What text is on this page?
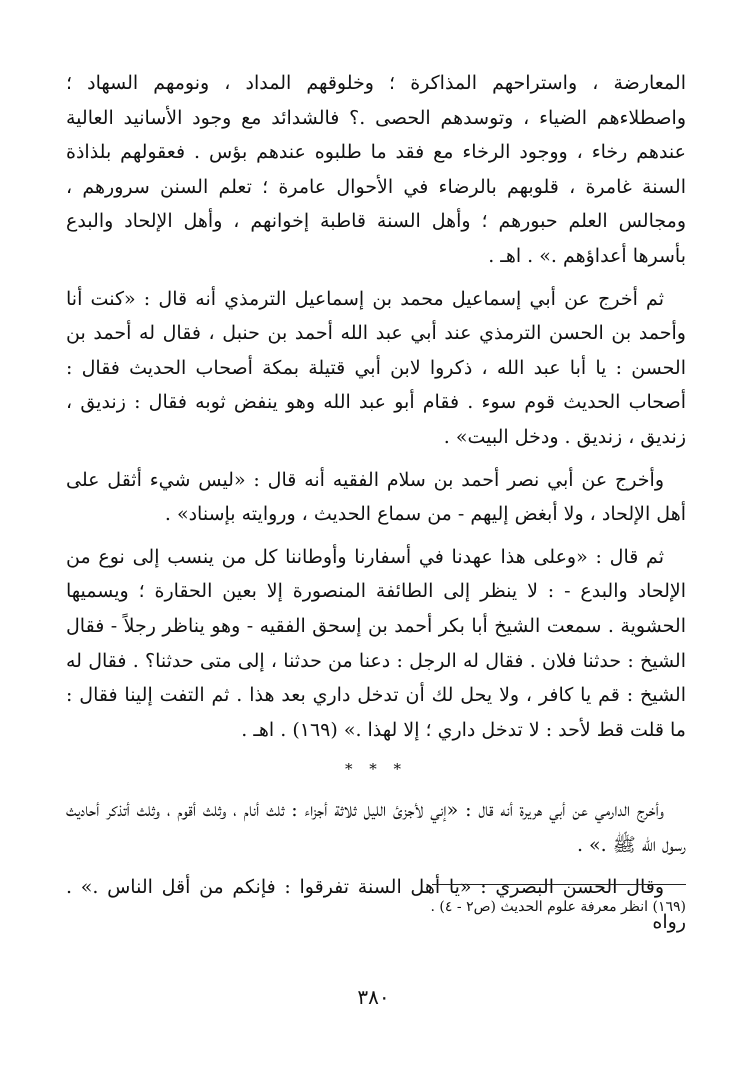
المعارضة ، واستراحهم المذاكرة ؛ وخلوقهم المداد ، ونومهم السهاد ؛ واصطلاءهم الضياء ، وتوسدهم الحصى .؟ فالشدائد مع وجود الأسانيد العالية عندهم رخاء ، ووجود الرخاء مع فقد ما طلبوه عندهم بؤس . فعقولهم بلذاذة السنة غامرة ، قلوبهم بالرضاء في الأحوال عامرة ؛ تعلم السنن سرورهم ، ومجالس العلم حبورهم ؛ وأهل السنة قاطبة إخوانهم ، وأهل الإلحاد والبدع بأسرها أعداؤهم .» . اهـ .

ثم أخرج عن أبي إسماعيل محمد بن إسماعيل الترمذي أنه قال : «كنت أنا وأحمد بن الحسن الترمذي عند أبي عبد الله أحمد بن حنبل ، فقال له أحمد بن الحسن : يا أبا عبد الله ، ذكروا لابن أبي قتيلة بمكة أصحاب الحديث فقال : أصحاب الحديث قوم سوء . فقام أبو عبد الله وهو ينفض ثوبه فقال : زنديق ، زنديق ، زنديق . ودخل البيت» .

وأخرج عن أبي نصر أحمد بن سلام الفقيه أنه قال : «ليس شيء أثقل على أهل الإلحاد ، ولا أبغض إليهم - من سماع الحديث ، وروايته بإسناد» .

ثم قال : «وعلى هذا عهدنا في أسفارنا وأوطاننا كل من ينسب إلى نوع من الإلحاد والبدع - : لا ينظر إلى الطائفة المنصورة إلا بعين الحقارة ؛ ويسميها الحشوية . سمعت الشيخ أبا بكر أحمد بن إسحق الفقيه - وهو يناظر رجلاً - فقال الشيخ : حدثنا فلان . فقال له الرجل : دعنا من حدثنا ، إلى متى حدثنا؟ . فقال له الشيخ : قم يا كافر ، ولا يحل لك أن تدخل داري بعد هذا . ثم التفت إلينا فقال : ما قلت قط لأحد : لا تدخل داري ؛ إلا لهذا .» (١٦٩) . اهـ .

* * *

وأخرج الدارمي عن أبي هريرة أنه قال : «إني لأجزئ الليل ثلاثة أجزاء : ثلث أنام ، وثلث أقوم ، وثلث أتذكر أحاديث رسول الله ﷺ .» .

وقال الحسن البصري : «يا أهل السنة تفرقوا : فإنكم من أقل الناس .» . رواه

(١٦٩) انظر معرفة علوم الحديث (ص٢ - ٤) .
٣٨٠
